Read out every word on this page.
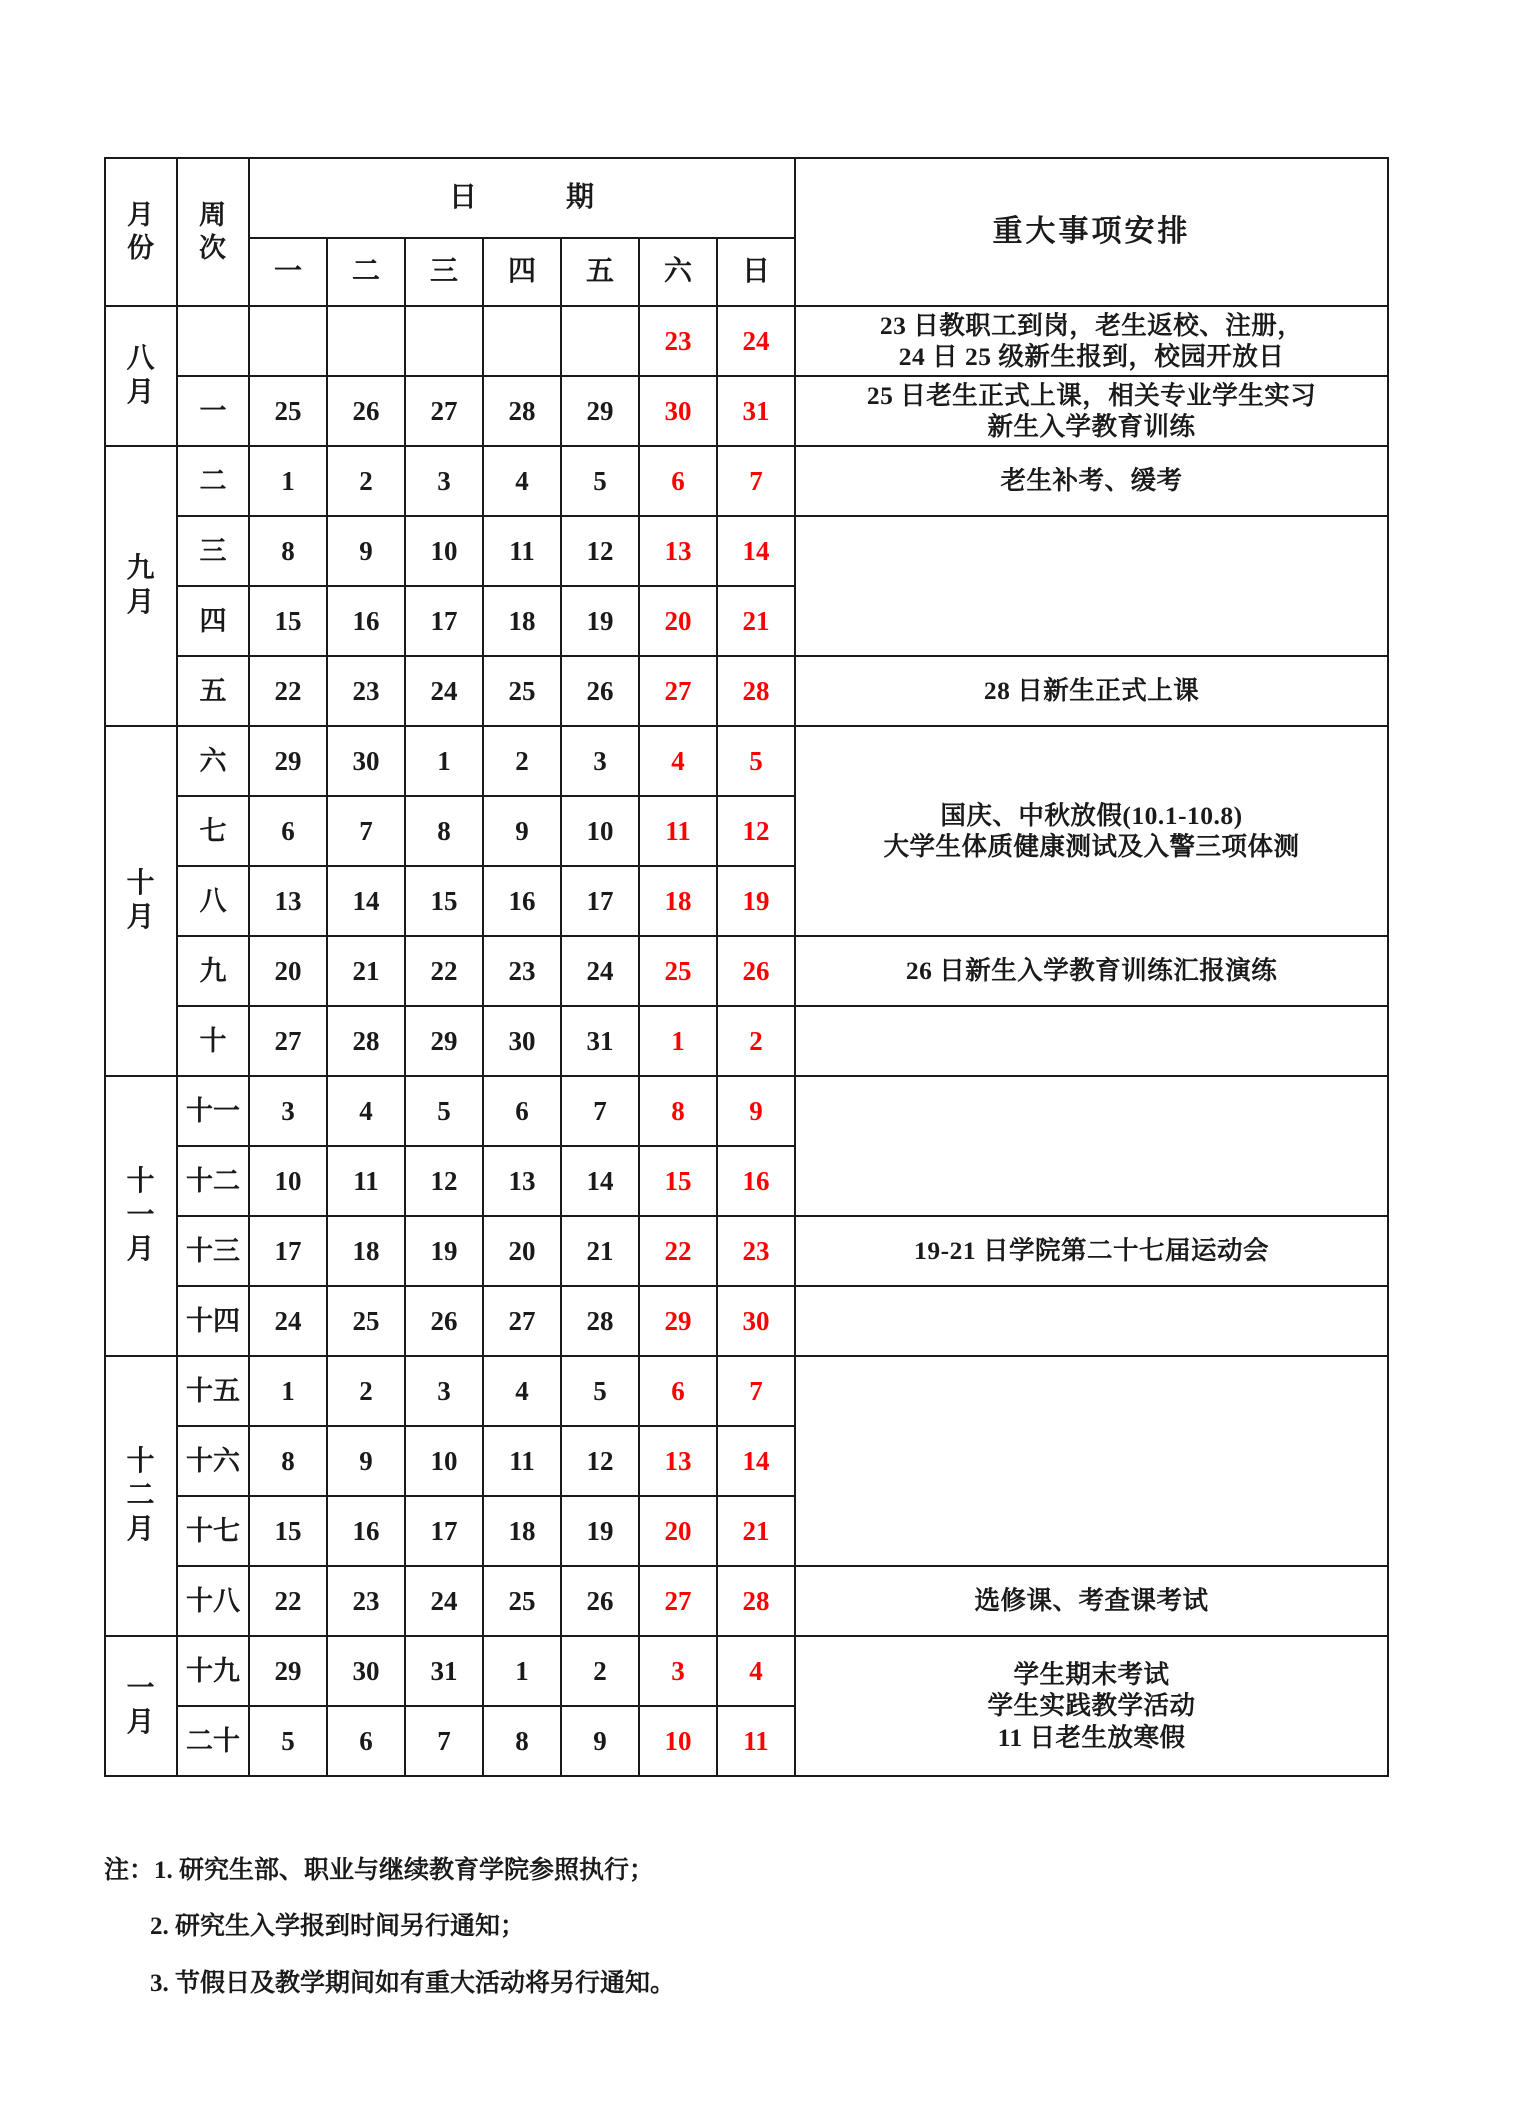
月
份	周
次	日 期							重大事项安排
		一	二	三	四	五	六	日	

八
月							23	24	23 日教职工到岗，老生返校、注册，
24 日 25 级新生报到，校园开放日

	一	25	26	27	28	29	30	31	25 日老生正式上课，相关专业学生实习
新生入学教育训练

九
月	二	1	2	3	4	5	6	7	老生补考、缓考

	三	8	9	10	11	12	13	14	
	四	15	16	17	18	19	20	21	
	五	22	23	24	25	26	27	28	28 日新生正式上课

十
月	六	29	30	1	2	3	4	5	国庆、中秋放假(10.1-10.8)
大学生体质健康测试及入警三项体测

	七	6	7	8	9	10	11	12	
	八	13	14	15	16	17	18	19	
	九	20	21	22	23	24	25	26	26 日新生入学教育训练汇报演练

	十	27	28	29	30	31	1	2	

十
一
月	十一	3	4	5	6	7	8	9	
	十二	10	11	12	13	14	15	16	
	十三	17	18	19	20	21	22	23	19-21 日学院第二十七届运动会

	十四	24	25	26	27	28	29	30	

十
二
月	十五	1	2	3	4	5	6	7	
	十六	8	9	10	11	12	13	14	
	十七	15	16	17	18	19	20	21	
	十八	22	23	24	25	26	27	28	选修课、考查课考试

一
月	十九	29	30	31	1	2	3	4	学生期末考试
学生实践教学活动
11 日老生放寒假

	二十	5	6	7	8	9	10	11	
注：1. 研究生部、职业与继续教育学院参照执行；
2. 研究生入学报到时间另行通知；
3. 节假日及教学期间如有重大活动将另行通知。
